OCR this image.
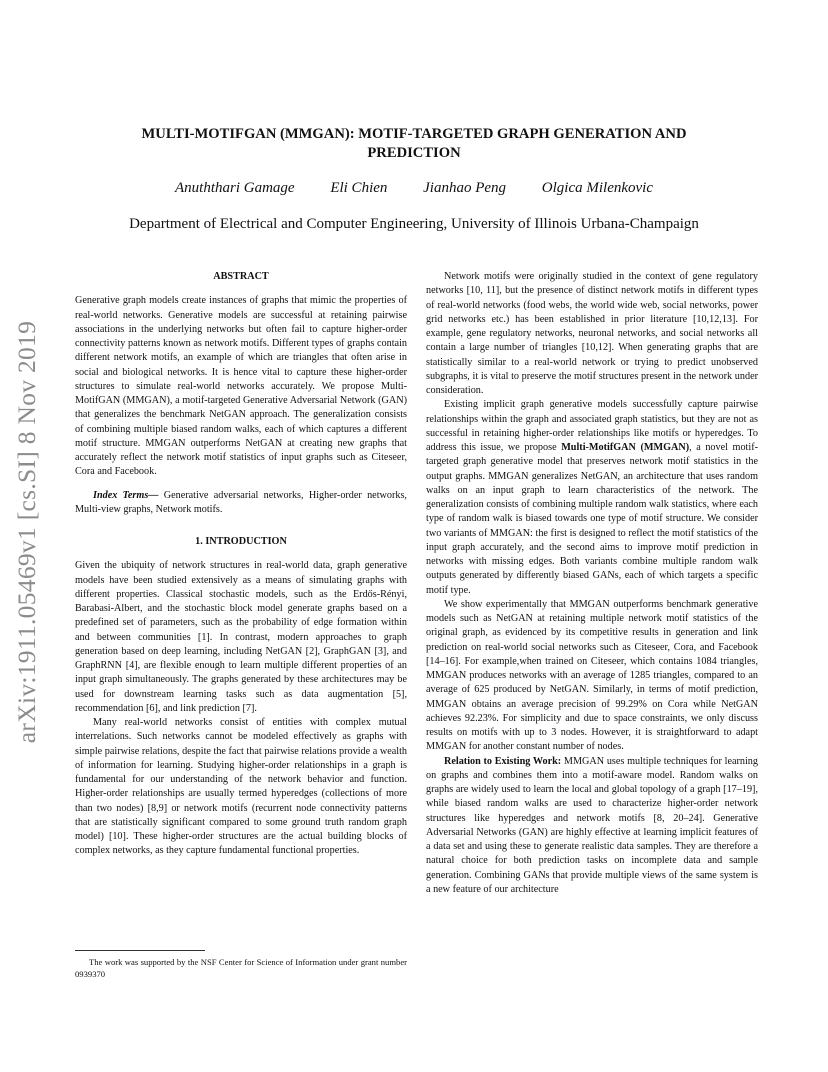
arXiv:1911.05469v1 [cs.SI] 8 Nov 2019
MULTI-MOTIFGAN (MMGAN): MOTIF-TARGETED GRAPH GENERATION AND
PREDICTION
Anuththari Gamage Eli Chien Jianhao Peng Olgica Milenkovic
Department of Electrical and Computer Engineering, University of Illinois Urbana-Champaign
ABSTRACT

Generative graph models create instances of graphs that mimic the properties of real-world networks. Generative models are successful at retaining pairwise associations in the underlying networks but often fail to capture higher-order connectivity patterns known as network motifs. Different types of graphs contain different network motifs, an example of which are triangles that often arise in social and biological networks. It is hence vital to capture these higher-order structures to simulate real-world networks accurately. We propose Multi-MotifGAN (MMGAN), a motif-targeted Generative Adversarial Network (GAN) that generalizes the benchmark NetGAN approach. The generalization consists of combining multiple biased random walks, each of which captures a different motif structure. MMGAN outperforms NetGAN at creating new graphs that accurately reflect the network motif statistics of input graphs such as Citeseer, Cora and Facebook.

Index Terms— Generative adversarial networks, Higher-order networks, Multi-view graphs, Network motifs.

1. INTRODUCTION

Given the ubiquity of network structures in real-world data, graph generative models have been studied extensively as a means of simulating graphs with different properties. Classical stochastic models, such as the Erdős-Rényi, Barabasi-Albert, and the stochastic block model generate graphs based on a predefined set of parameters, such as the probability of edge formation within and between communities [1]. In contrast, modern approaches to graph generation based on deep learning, including NetGAN [2], GraphGAN [3], and GraphRNN [4], are flexible enough to learn multiple different properties of an input graph simultaneously. The graphs generated by these architectures may be used for downstream learning tasks such as data augmentation [5], recommendation [6], and link prediction [7].

Many real-world networks consist of entities with complex mutual interrelations. Such networks cannot be modeled effectively as graphs with simple pairwise relations, despite the fact that pairwise relations provide a wealth of information for learning. Studying higher-order relationships in a graph is fundamental for our understanding of the network behavior and function. Higher-order relationships are usually termed hyperedges (collections of more than two nodes) [8,9] or network motifs (recurrent node connectivity patterns that are statistically significant compared to some ground truth random graph model) [10]. These higher-order structures are the actual building blocks of complex networks, as they capture fundamental functional properties.

The work was supported by the NSF Center for Science of Information under grant number 0939370

Network motifs were originally studied in the context of gene regulatory networks [10, 11], but the presence of distinct network motifs in different types of real-world networks (food webs, the world wide web, social networks, power grid networks etc.) has been established in prior literature [10,12,13]. For example, gene regulatory networks, neuronal networks, and social networks all contain a large number of triangles [10,12]. When generating graphs that are statistically similar to a real-world network or trying to predict unobserved subgraphs, it is vital to preserve the motif structures present in the network under consideration.

Existing implicit graph generative models successfully capture pairwise relationships within the graph and associated graph statistics, but they are not as successful in retaining higher-order relationships like motifs or hyperedges. To address this issue, we propose Multi-MotifGAN (MMGAN), a novel motif-targeted graph generative model that preserves network motif statistics in the output graphs. MMGAN generalizes NetGAN, an architecture that uses random walks on an input graph to learn characteristics of the network. The generalization consists of combining multiple random walk statistics, where each type of random walk is biased towards one type of motif structure. We consider two variants of MMGAN: the first is designed to reflect the motif statistics of the input graph accurately, and the second aims to improve motif prediction in networks with missing edges. Both variants combine multiple random walk outputs generated by differently biased GANs, each of which targets a specific motif type.

We show experimentally that MMGAN outperforms benchmark generative models such as NetGAN at retaining multiple network motif statistics of the original graph, as evidenced by its competitive results in generation and link prediction on real-world social networks such as Citeseer, Cora, and Facebook [14–16]. For example,when trained on Citeseer, which contains 1084 triangles, MMGAN produces networks with an average of 1285 triangles, compared to an average of 625 produced by NetGAN. Similarly, in terms of motif prediction, MMGAN obtains an average precision of 99.29% on Cora while NetGAN achieves 92.23%. For simplicity and due to space constraints, we only discuss results on motifs with up to 3 nodes. However, it is straightforward to adapt MMGAN for another constant number of nodes.

Relation to Existing Work: MMGAN uses multiple techniques for learning on graphs and combines them into a motif-aware model. Random walks on graphs are widely used to learn the local and global topology of a graph [17–19], while biased random walks are used to characterize higher-order network structures like hyperedges and network motifs [8, 20–24]. Generative Adversarial Networks (GAN) are highly effective at learning implicit features of a data set and using these to generate realistic data samples. They are therefore a natural choice for both prediction tasks on incomplete data and sample generation. Combining GANs that provide multiple views of the same system is a new feature of our architecture
